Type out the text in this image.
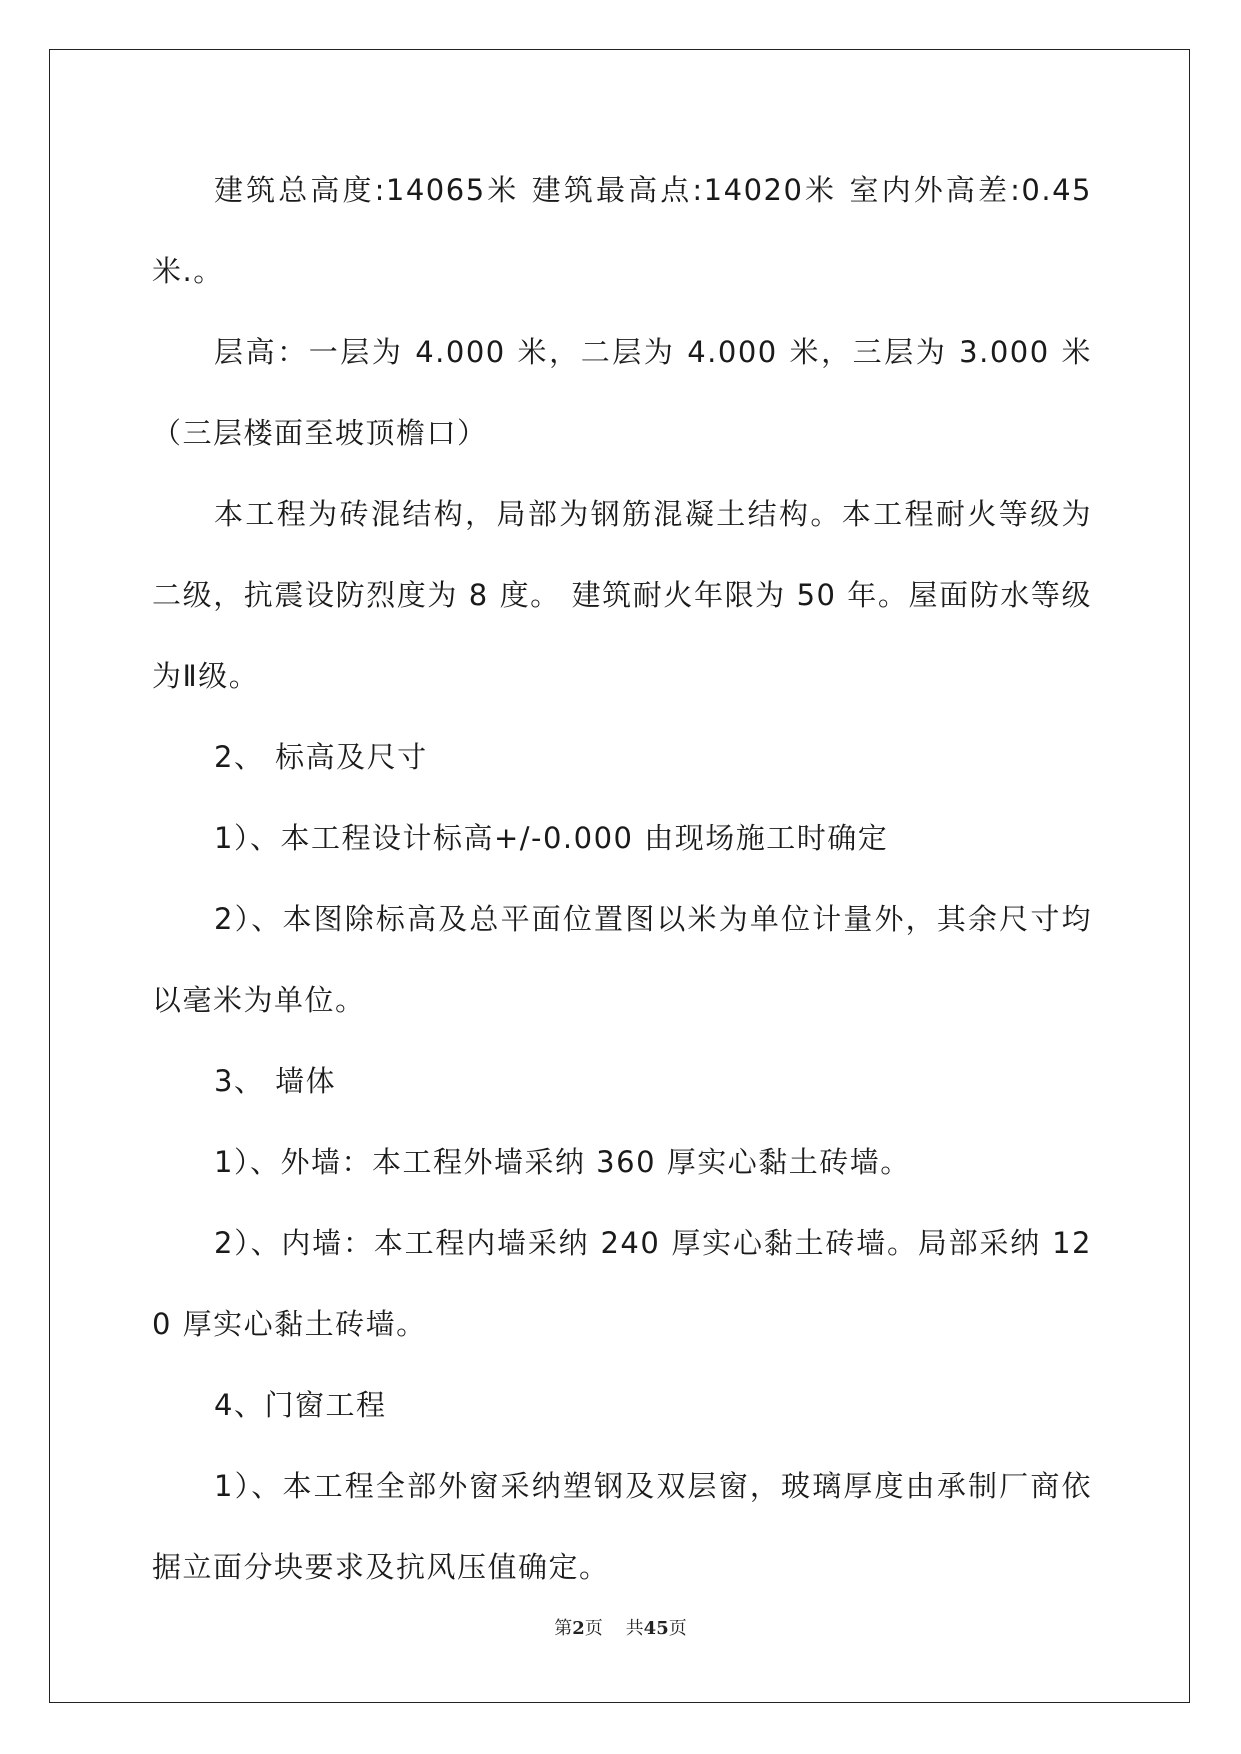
建筑总高度:14065米 建筑最高点:14020米 室内外高差:0.45米.。

层高：一层为 4.000 米，二层为 4.000 米，三层为 3.000 米（三层楼面至坡顶檐口）

本工程为砖混结构，局部为钢筋混凝土结构。本工程耐火等级为二级，抗震设防烈度为 8 度。 建筑耐火年限为 50 年。屋面防水等级为Ⅱ级。

2、 标高及尺寸

1）、本工程设计标高+/-0.000 由现场施工时确定

2）、本图除标高及总平面位置图以米为单位计量外，其余尺寸均以毫米为单位。

3、 墙体

1）、外墙：本工程外墙采纳 360 厚实心黏土砖墙。

2）、内墙：本工程内墙采纳 240 厚实心黏土砖墙。局部采纳 120 厚实心黏土砖墙。

4、门窗工程

1）、本工程全部外窗采纳塑钢及双层窗，玻璃厚度由承制厂商依据立面分块要求及抗风压值确定。

第2页 共45页
